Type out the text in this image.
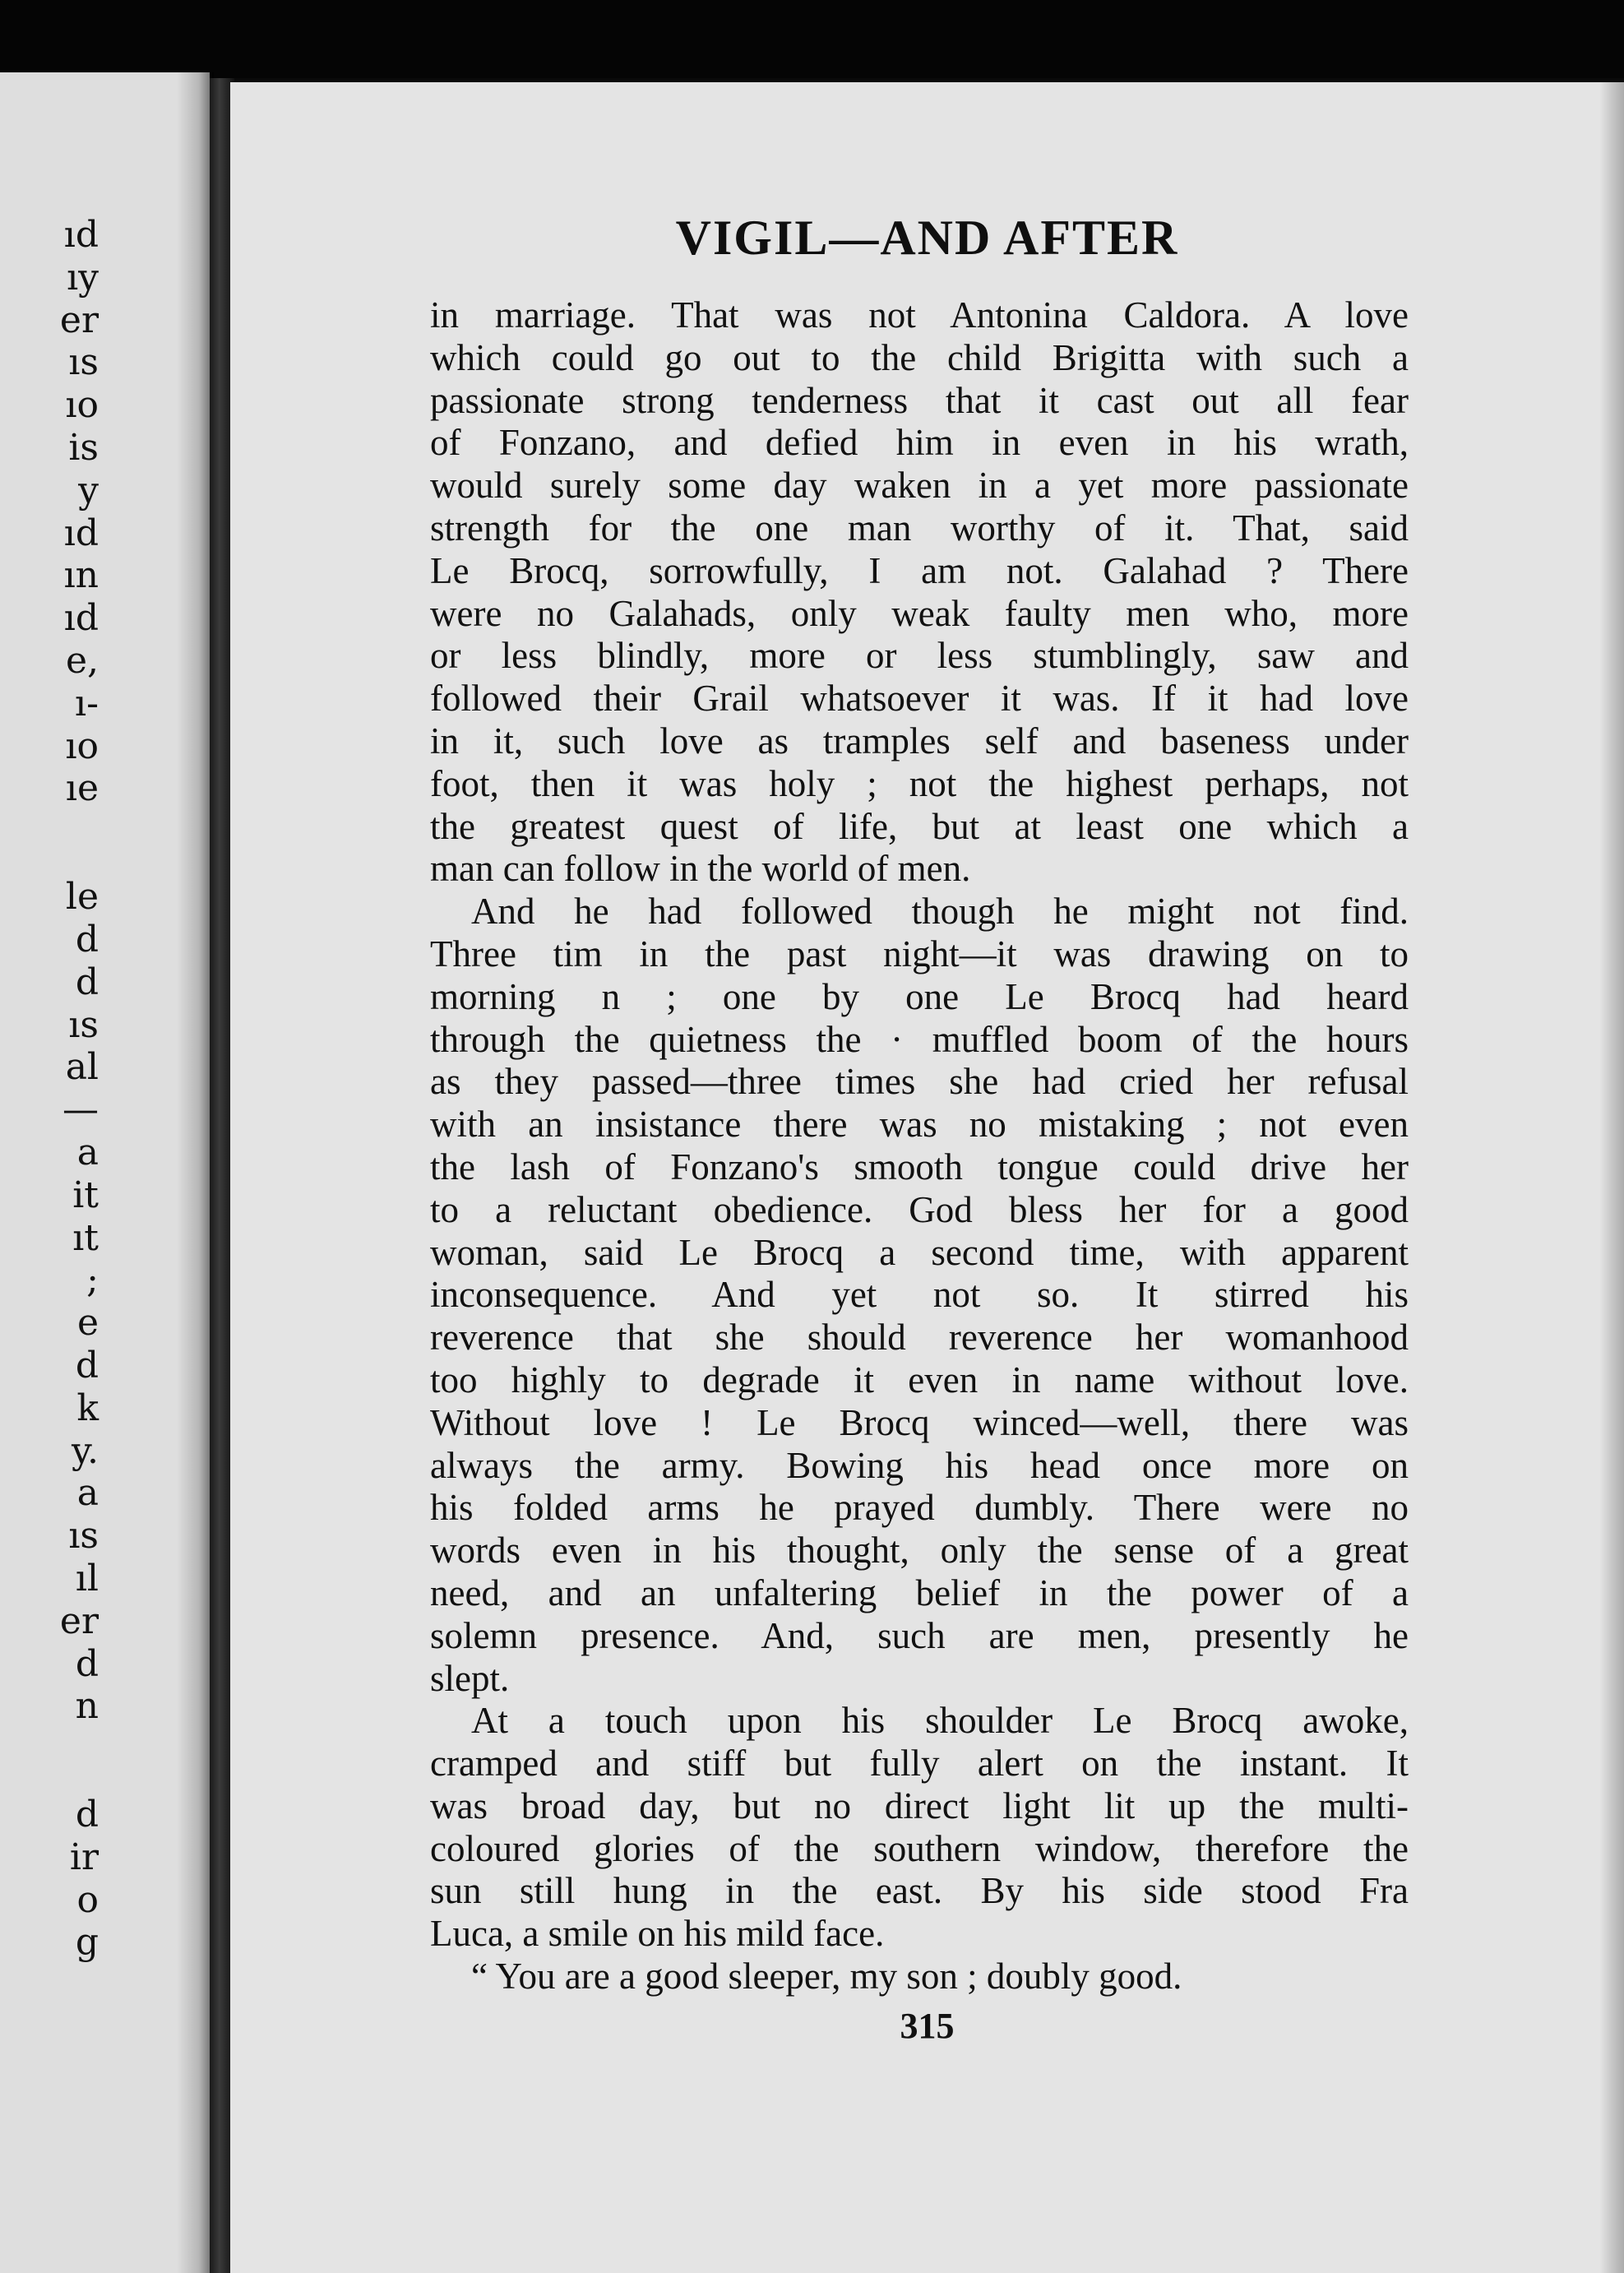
ıd
ıy
er
ıs
ıo
is
y
ıd
ın
ıd
e,
ı-
ıo
ıe
le
d
d
ıs
al
—
a
it
ıt
;
e
d
k
y.
a
ıs
ıl
er
d
n
d
ir
o
g
VIGIL—AND AFTER
in marriage. That was not Antonina Caldora. A love
which could go out to the child Brigitta with such a
passionate strong tenderness that it cast out all fear
of Fonzano, and defied him in even in his wrath,
would surely some day waken in a yet more passionate
strength for the one man worthy of it. That, said
Le Brocq, sorrowfully, I am not. Galahad ? There
were no Galahads, only weak faulty men who, more
or less blindly, more or less stumblingly, saw and
followed their Grail whatsoever it was. If it had love
in it, such love as tramples self and baseness under
foot, then it was holy ; not the highest perhaps, not
the greatest quest of life, but at least one which a
man can follow in the world of men.
And he had followed though he might not find.
Three tim in the past night—it was drawing on to
morning n ; one by one Le Brocq had heard
through the quietness the · muffled boom of the hours
as they passed—three times she had cried her refusal
with an insistance there was no mistaking ; not even
the lash of Fonzano's smooth tongue could drive her
to a reluctant obedience. God bless her for a good
woman, said Le Brocq a second time, with apparent
inconsequence. And yet not so. It stirred his
reverence that she should reverence her womanhood
too highly to degrade it even in name without love.
Without love ! Le Brocq winced—well, there was
always the army. Bowing his head once more on
his folded arms he prayed dumbly. There were no
words even in his thought, only the sense of a great
need, and an unfaltering belief in the power of a
solemn presence. And, such are men, presently he
slept.
At a touch upon his shoulder Le Brocq awoke,
cramped and stiff but fully alert on the instant. It
was broad day, but no direct light lit up the multi-
coloured glories of the southern window, therefore the
sun still hung in the east. By his side stood Fra
Luca, a smile on his mild face.
“ You are a good sleeper, my son ; doubly good.
315
